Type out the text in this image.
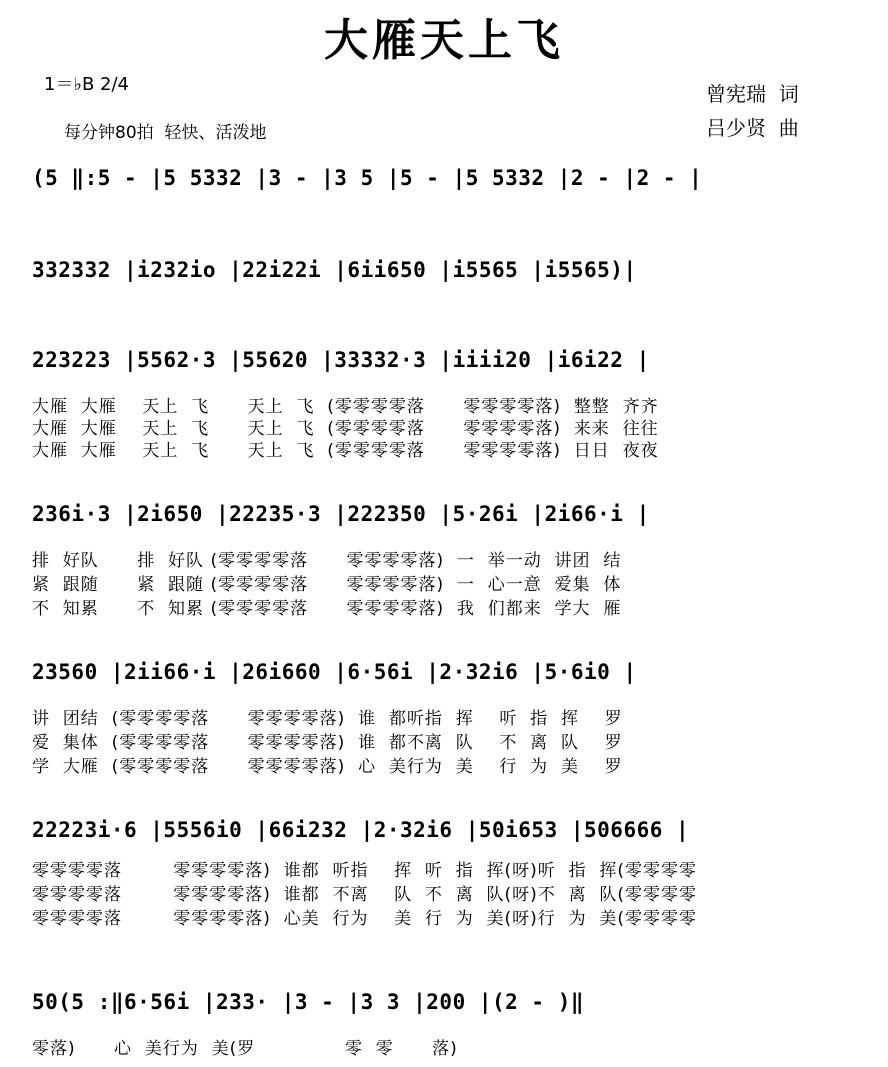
大雁天上飞
1＝♭B 2/4
每分钟80拍  轻快、活泼地
曾宪瑞  词
吕少贤  曲
(5 ‖:5 - |5 5332 |3 - |3 5 |5 - |5 5332 |2 - |2 - |
332332 |i232io |22i22i |6ii650 |i5565 |i5565)|
223223 |5562·3 |55620 |33332·3 |iiii20 |i6i22 |
大雁  大雁    天上  飞      天上  飞  (零零零零落      零零零零落)  整整  齐齐
大雁  大雁    天上  飞      天上  飞  (零零零零落      零零零零落)  来来  往往
大雁  大雁    天上  飞      天上  飞  (零零零零落      零零零零落)  日日  夜夜
236i·3 |2i650 |22235·3 |222350 |5·26i |2i66·i |
排  好队      排  好队 (零零零零落      零零零零落)  一  举一动  讲团  结
紧  跟随      紧  跟随 (零零零零落      零零零零落)  一  心一意  爱集  体
不  知累      不  知累 (零零零零落      零零零零落)  我  们都来  学大  雁
23560 |2ii66·i |26i660 |6·56i |2·32i6 |5·6i0 |
讲  团结  (零零零零落      零零零零落)  谁  都听指  挥    听  指  挥    罗
爱  集体  (零零零零落      零零零零落)  谁  都不离  队    不  离  队    罗
学  大雁  (零零零零落      零零零零落)  心  美行为  美    行  为  美    罗
22223i·6 |5556i0 |66i232 |2·32i6 |50i653 |506666 |
零零零零落        零零零零落)  谁都  听指    挥  听  指  挥(呀)听  指  挥(零零零零
零零零零落        零零零零落)  谁都  不离    队  不  离  队(呀)不  离  队(零零零零
零零零零落        零零零零落)  心美  行为    美  行  为  美(呀)行  为  美(零零零零
50(5 :‖6·56i |233· |3 - |3 3 |200 |(2 - )‖
零落)      心  美行为  美(罗              零  零      落)
